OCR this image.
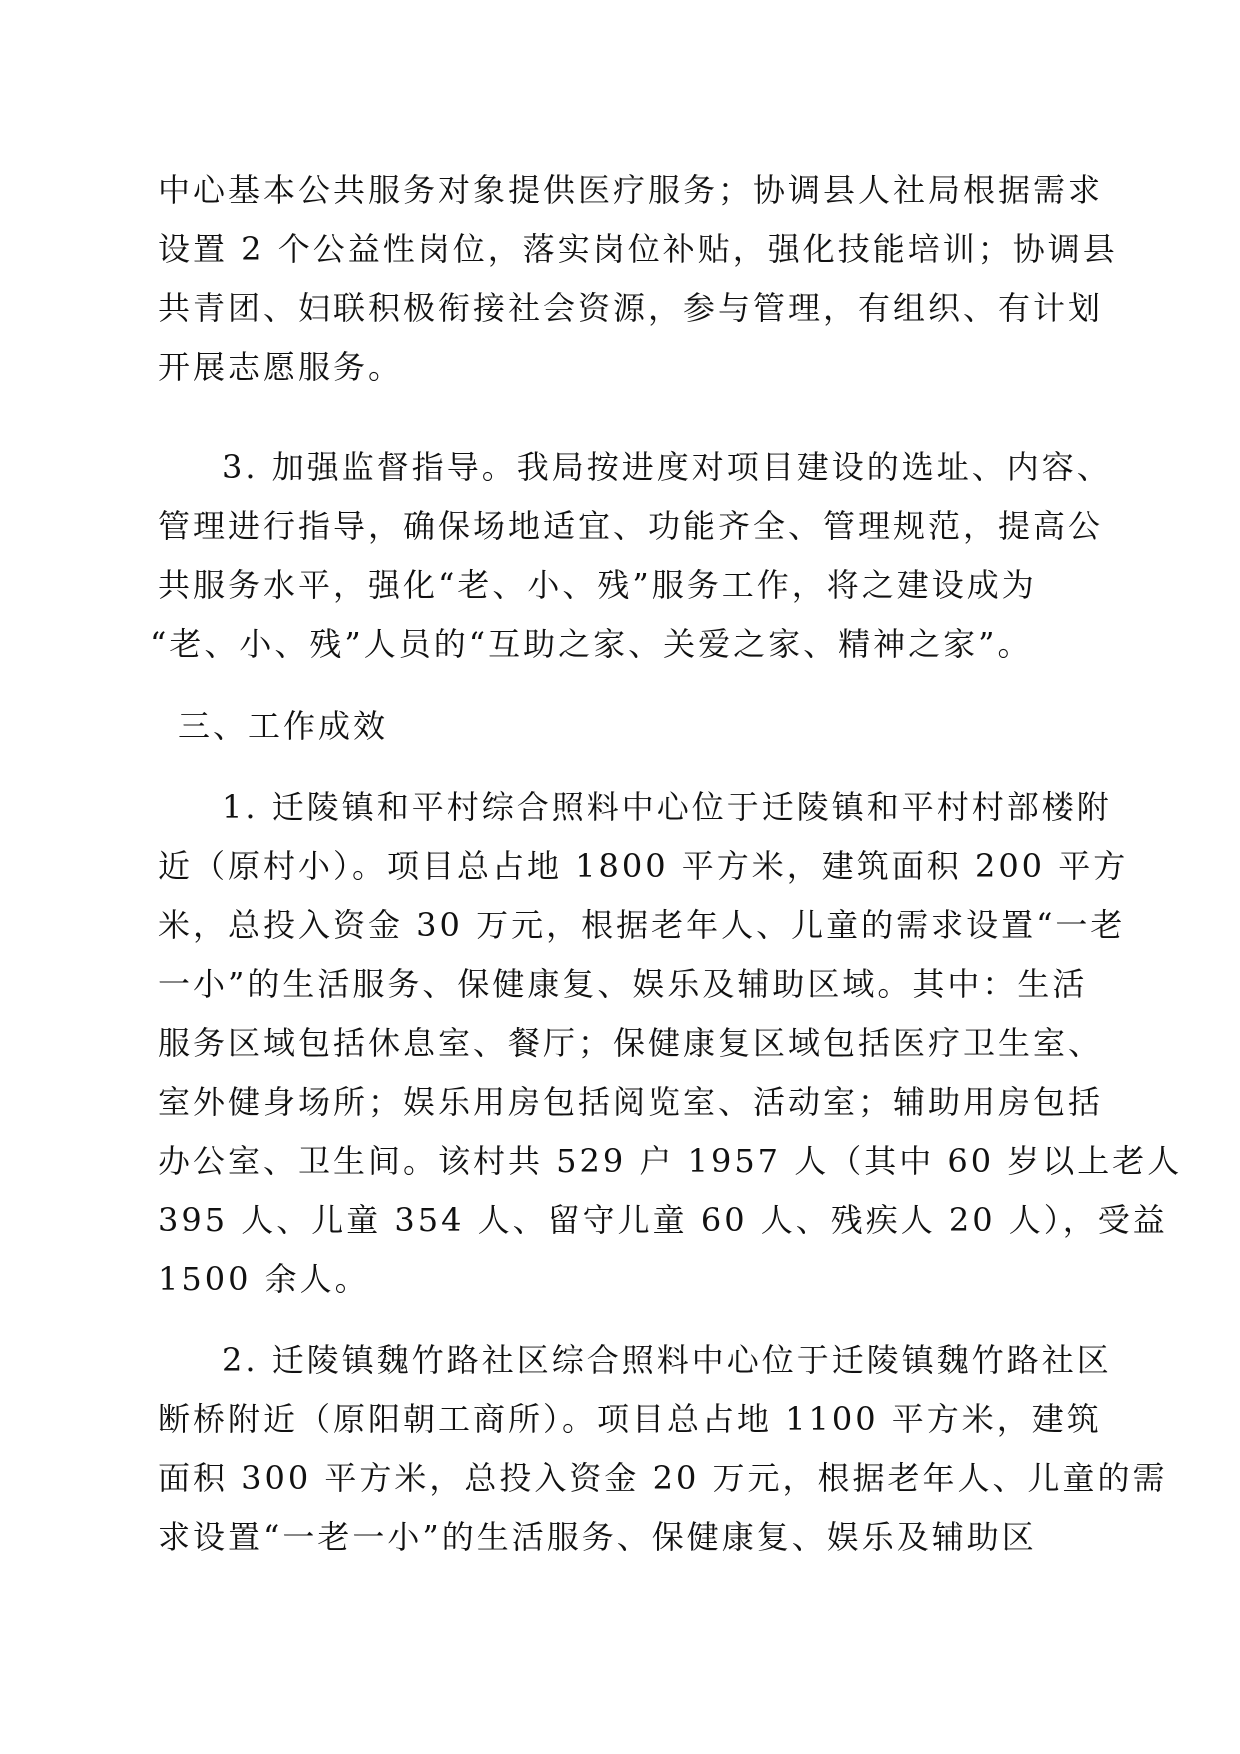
中心基本公共服务对象提供医疗服务；协调县人社局根据需求
设置 2 个公益性岗位，落实岗位补贴，强化技能培训；协调县
共青团、妇联积极衔接社会资源，参与管理，有组织、有计划
开展志愿服务。
3. 加强监督指导。我局按进度对项目建设的选址、内容、
管理进行指导，确保场地适宜、功能齐全、管理规范，提高公
共服务水平，强化“老、小、残”服务工作，将之建设成为
“老、小、残”人员的“互助之家、关爱之家、精神之家”。
三、工作成效
1. 迁陵镇和平村综合照料中心位于迁陵镇和平村村部楼附
近（原村小）。项目总占地 1800 平方米，建筑面积 200 平方
米，总投入资金 30 万元，根据老年人、儿童的需求设置“一老
一小”的生活服务、保健康复、娱乐及辅助区域。其中：生活
服务区域包括休息室、餐厅；保健康复区域包括医疗卫生室、
室外健身场所；娱乐用房包括阅览室、活动室；辅助用房包括
办公室、卫生间。该村共 529 户 1957 人（其中 60 岁以上老人
395 人、儿童 354 人、留守儿童 60 人、残疾人 20 人），受益
1500 余人。
2. 迁陵镇魏竹路社区综合照料中心位于迁陵镇魏竹路社区
断桥附近（原阳朝工商所）。项目总占地 1100 平方米，建筑
面积 300 平方米，总投入资金 20 万元，根据老年人、儿童的需
求设置“一老一小”的生活服务、保健康复、娱乐及辅助区
